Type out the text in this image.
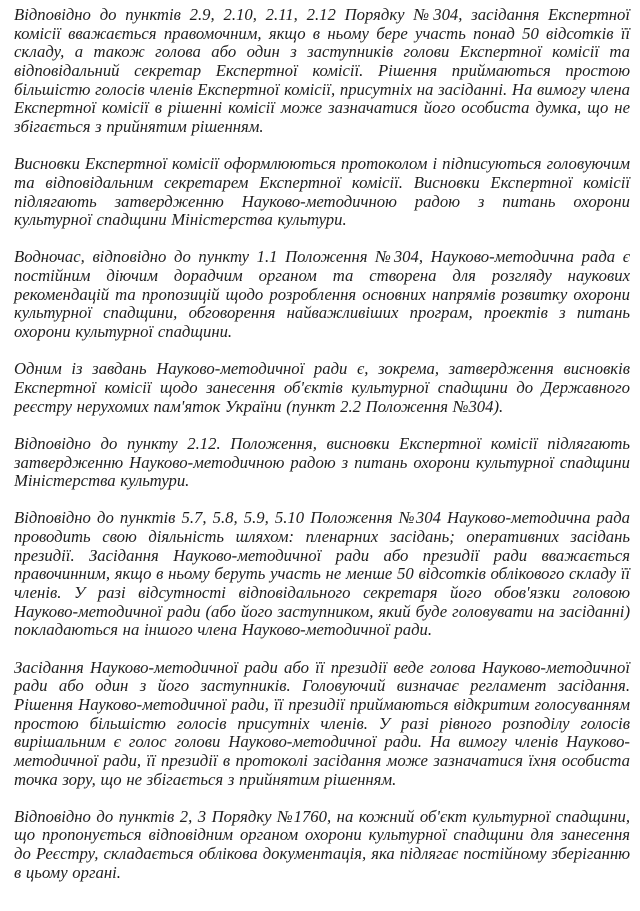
Відповідно до пунктів 2.9, 2.10, 2.11, 2.12 Порядку №304, засідання Експертної комісії вважається правомочним, якщо в ньому бере участь понад 50 відсотків її складу, а також голова або один з заступників голови Експертної комісії та відповідальний секретар Експертної комісії. Рішення приймаються простою більшістю голосів членів Експертної комісії, присутніх на засіданні. На вимогу члена Експертної комісії в рішенні комісії може зазначатися його особиста думка, що не збігається з прийнятим рішенням.

Висновки Експертної комісії оформлюються протоколом і підписуються головуючим та відповідальним секретарем Експертної комісії. Висновки Експертної комісії підлягають затвердженню Науково-методичною радою з питань охорони культурної спадщини Міністерства культури.

Водночас, відповідно до пункту 1.1 Положення №304, Науково-методична рада є постійним діючим дорадчим органом та створена для розгляду наукових рекомендацій та пропозицій щодо розроблення основних напрямів розвитку охорони культурної спадщини, обговорення найважливіших програм, проектів з питань охорони культурної спадщини.

Одним із завдань Науково-методичної ради є, зокрема, затвердження висновків Експертної комісії щодо занесення об'єктів культурної спадщини до Державного реєстру нерухомих пам'яток України (пункт 2.2 Положення №304).

Відповідно до пункту 2.12. Положення, висновки Експертної комісії підлягають затвердженню Науково-методичною радою з питань охорони культурної спадщини Міністерства культури.

Відповідно до пунктів 5.7, 5.8, 5.9, 5.10 Положення №304 Науково-методична рада проводить свою діяльність шляхом: пленарних засідань; оперативних засідань президії. Засідання Науково-методичної ради або президії ради вважається правочинним, якщо в ньому беруть участь не менше 50 відсотків облікового складу її членів. У разі відсутності відповідального секретаря його обов'язки головою Науково-методичної ради (або його заступником, який буде головувати на засіданні) покладаються на іншого члена Науково-методичної ради.

Засідання Науково-методичної ради або її президії веде голова Науково-методичної ради або один з його заступників. Головуючий визначає регламент засідання. Рішення Науково-методичної ради, її президії приймаються відкритим голосуванням простою більшістю голосів присутніх членів. У разі рівного розподілу голосів вирішальним є голос голови Науково-методичної ради. На вимогу членів Науково-методичної ради, її президії в протоколі засідання може зазначатися їхня особиста точка зору, що не збігається з прийнятим рішенням.

Відповідно до пунктів 2, 3 Порядку №1760, на кожний об'єкт культурної спадщини, що пропонується відповідним органом охорони культурної спадщини для занесення до Реєстру, складається облікова документація, яка підлягає постійному зберіганню в цьому органі.
